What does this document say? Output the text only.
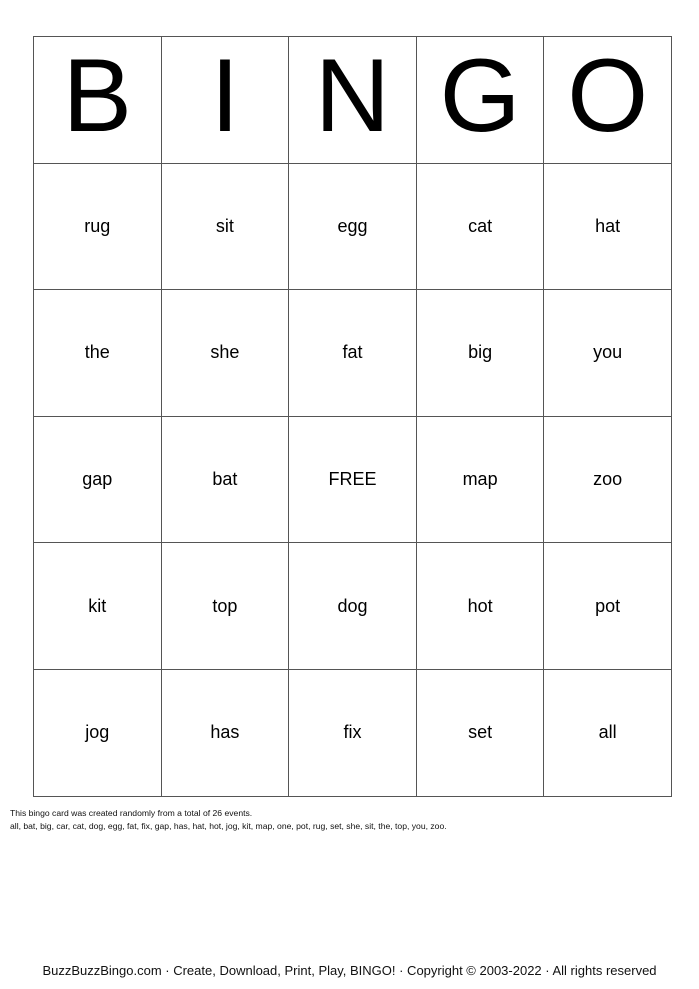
B	I	N	G	O
rug	sit	egg	cat	hat
the	she	fat	big	you
gap	bat	FREE	map	zoo
kit	top	dog	hot	pot
jog	has	fix	set	all
This bingo card was created randomly from a total of 26 events.
all, bat, big, car, cat, dog, egg, fat, fix, gap, has, hat, hot, jog, kit, map, one, pot, rug, set, she, sit, the, top, you, zoo.
BuzzBuzzBingo.com · Create, Download, Print, Play, BINGO! · Copyright © 2003-2022 · All rights reserved
